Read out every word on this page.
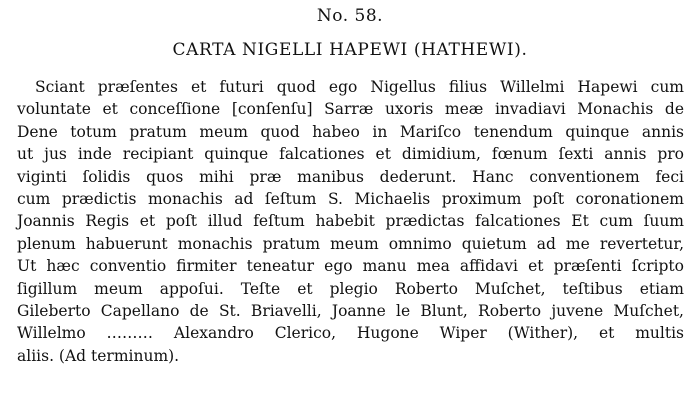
No. 58.
CARTA NIGELLI HAPEWI (HATHEWI).
Sciant præſentes et futuri quod ego Nigellus filius Willelmi Hapewi cum
voluntate et conceſſione [conſenſu] Sarræ uxoris meæ invadiavi Monachis de
Dene totum pratum meum quod habeo in Mariſco tenendum quinque annis
ut jus inde recipiant quinque falcationes et dimidium, fœnum ſexti annis pro
viginti ſolidis quos mihi præ manibus dederunt. Hanc conventionem feci
cum prædictis monachis ad ſeſtum S. Michaelis proximum poſt coronationem
Joannis Regis et poſt illud feſtum habebit prædictas falcationes Et cum ſuum
plenum habuerunt monachis pratum meum omnimo quietum ad me revertetur,
Ut hæc conventio firmiter teneatur ego manu mea affidavi et præſenti ſcripto
ſigillum meum appoſui. Teſte et plegio Roberto Muſchet, teſtibus etiam
Gileberto Capellano de St. Briavelli, Joanne le Blunt, Roberto juvene Muſchet,
Willelmo ……… Alexandro Clerico, Hugone Wiper (Wither), et multis
aliis. (Ad terminum).
